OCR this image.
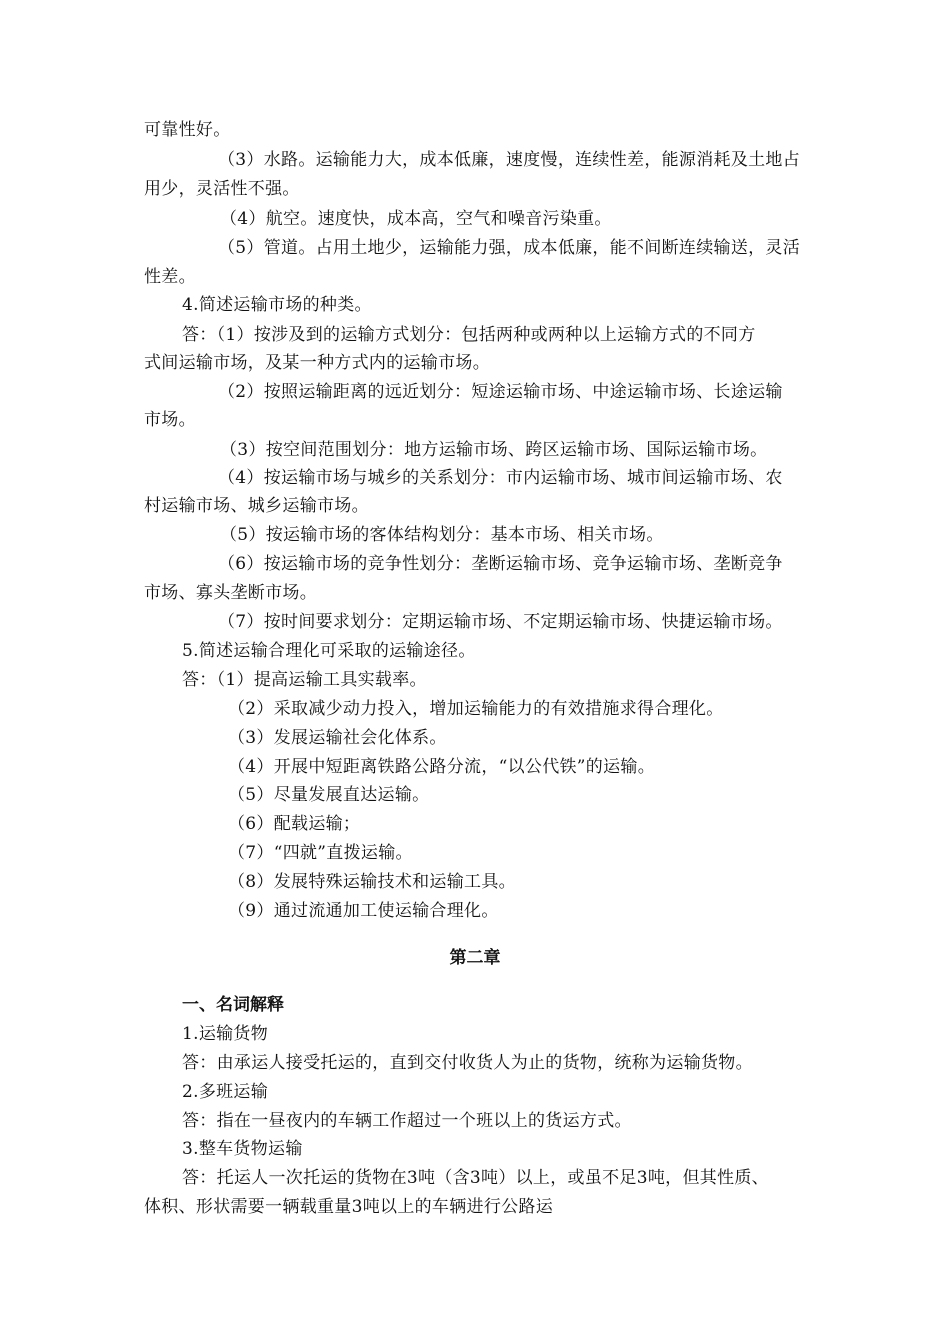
可靠性好。
（3）水路。运输能力大，成本低廉，速度慢，连续性差，能源消耗及土地占
用少，灵活性不强。
（4）航空。速度快，成本高，空气和噪音污染重。
（5）管道。占用土地少，运输能力强，成本低廉，能不间断连续输送，灵活
性差。
4.简述运输市场的种类。
答：（1）按涉及到的运输方式划分：包括两种或两种以上运输方式的不同方
式间运输市场，及某一种方式内的运输市场。
（2）按照运输距离的远近划分：短途运输市场、中途运输市场、长途运输
市场。
（3）按空间范围划分：地方运输市场、跨区运输市场、国际运输市场。
（4）按运输市场与城乡的关系划分：市内运输市场、城市间运输市场、农
村运输市场、城乡运输市场。
（5）按运输市场的客体结构划分：基本市场、相关市场。
（6）按运输市场的竞争性划分：垄断运输市场、竞争运输市场、垄断竞争
市场、寡头垄断市场。
（7）按时间要求划分：定期运输市场、不定期运输市场、快捷运输市场。
5.简述运输合理化可采取的运输途径。
答：（1）提高运输工具实载率。
（2）采取减少动力投入，增加运输能力的有效措施求得合理化。
（3）发展运输社会化体系。
（4）开展中短距离铁路公路分流，“以公代铁”的运输。
（5）尽量发展直达运输。
（6）配载运输；
（7）“四就”直拨运输。
（8）发展特殊运输技术和运输工具。
（9）通过流通加工使运输合理化。
第二章
一、名词解释
1.运输货物
答：由承运人接受托运的，直到交付收货人为止的货物，统称为运输货物。
2.多班运输
答：指在一昼夜内的车辆工作超过一个班以上的货运方式。
3.整车货物运输
答：托运人一次托运的货物在3吨（含3吨）以上，或虽不足3吨，但其性质、
体积、形状需要一辆载重量3吨以上的车辆进行公路运
